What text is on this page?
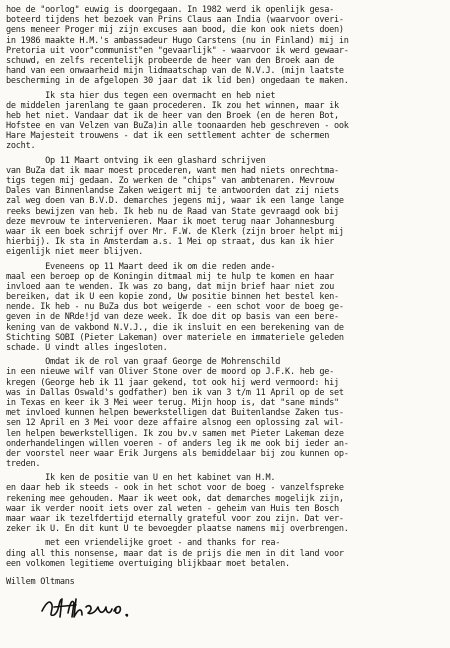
hoe de "oorlog" euwig is doorgegaan. In 1982 werd ik openlijk gesa-
boteerd tijdens het bezoek van Prins Claus aan India (waarvoor overi-
gens meneer Proger mij zijn excuses aan bood, die kon ook niets doen)
in 1986 maakte H.M.'s ambassadeur Hugo Carstens (nu in Finland) mij in
Pretoria uit voor"communist"en "gevaarlijk" - waarvoor ik werd gewaar-
schuwd, en zelfs recentelijk probeerde de heer van den Broek aan de
hand van een onwaarheid mijn lidmaatschap van de N.V.J. (mijn laatste
bescherming in de afgelopen 30 jaar dat ik lid ben) ongedaan te maken.
Ik sta hier dus tegen een overmacht en heb niet
de middelen jarenlang te gaan procederen. Ik zou het winnen, maar ik
heb het niet. Vandaar dat ik de heer van den Broek (en de heren Bot,
Hofstee en van Velzen van BuZa)in alle toonaarden heb geschreven - ook
Hare Majesteit trouwens - dat ik een settlement achter de schermen
zocht.
Op 11 Maart ontving ik een glashard schrijven
van BuZa dat ik maar moest procederen, want men had niets onrechtma-
tigs tegen mij gedaan. Zo werken de "chips" van ambtenaren. Mevrouw
Dales van Binnenlandse Zaken weigert mij te antwoorden dat zij niets
zal weg doen van B.V.D. demarches jegens mij, waar ik een lange lange
reeks bewijzen van heb. Ik heb nu de Raad van State gevraagd ook bij
deze mevrouw te intervenieren. Maar ik moet terug naar Johannesburg
waar ik een boek schrijf over Mr. F.W. de Klerk (zijn broer helpt mij
hierbij). Ik sta in Amsterdam a.s. 1 Mei op straat, dus kan ik hier
eigenlijk niet meer blijven.
Eveneens op 11 Maart deed ik om die reden ande-
maal een beroep op de Koningin ditmaal mij te hulp te komen en haar
invloed aan te wenden. Ik was zo bang, dat mijn brief haar niet zou
bereiken, dat ik U een kopie zond, Uw positie binnen het bestel ken-
nende. Ik heb - nu BuZa dus bot weigerde - een schot voor de boeg ge-
geven in de NRde!jd van deze week. Ik doe dit op basis van een bere-
kening van de vakbond N.V.J., die ik insluit en een berekening van de
Stichting SOBI (Pieter Lakeman) over materiele en immateriele geleden
schade. U vindt alles ingesloten.
Omdat ik de rol van graaf George de Mohrenschild
in een nieuwe wilf van Oliver Stone over de moord op J.F.K. heb ge-
kregen (George heb ik 11 jaar gekend, tot ook hij werd vermoord: hij
was in Dallas Oswald's godfather) ben ik van 3 t/m 11 April op de set
in Texas en keer ik 3 Mei weer terug. Mijn hoop is, dat "sane minds"
met invloed kunnen helpen bewerkstelligen dat Buitenlandse Zaken tus-
sen 12 April en 3 Mei voor deze affaire alsnog een oplossing zal wil-
len helpen bewerkstelligen. Ik zou bv.v samen met Pieter Lakeman deze
onderhandelingen willen voeren - of anders leg ik me ook bij ieder an-
der voorstel neer waar Erik Jurgens als bemiddelaar bij zou kunnen op-
treden.
Ik ken de positie van U en het kabinet van H.M.
en daar heb ik steeds - ook in het schot voor de boeg - vanzelfspreke
rekening mee gehouden. Maar ik weet ook, dat demarches mogelijk zijn,
waar ik verder nooit iets over zal weten - geheim van Huis ten Bosch
maar waar ik tezelfdertijd eternally grateful voor zou zijn. Dat ver-
zeker ik U. En dit kunt U te bevoegder plaatse namens mij overbrengen.
met een vriendelijke groet - and thanks for rea-
ding all this nonsense, maar dat is de prijs die men in dit land voor
een volkomen legitieme overtuiging blijkbaar moet betalen.
Willem Oltmans
